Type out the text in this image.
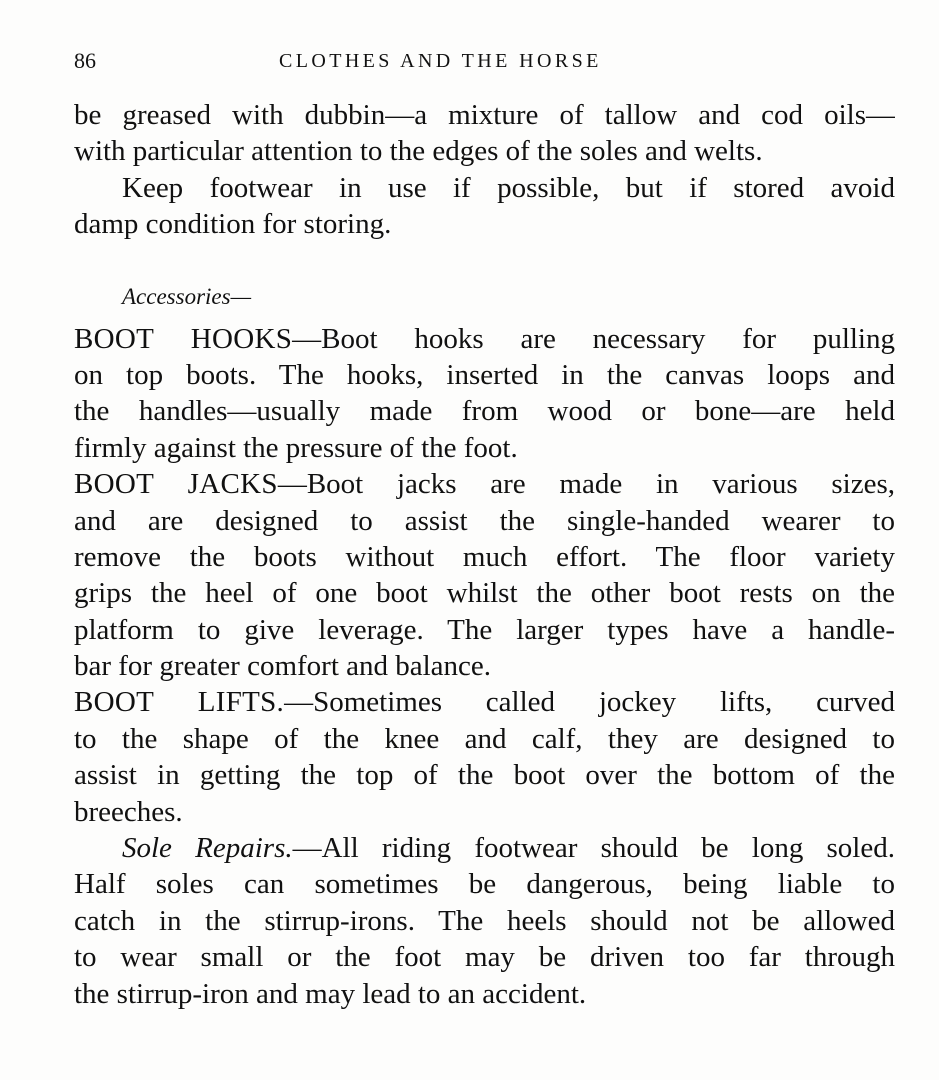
86	CLOTHES AND THE HORSE
be greased with dubbin—a mixture of tallow and cod oils—
with particular attention to the edges of the soles and welts.
Keep footwear in use if possible, but if stored avoid
damp condition for storing.
Accessories—
BOOT HOOKS—Boot hooks are necessary for pulling
on top boots. The hooks, inserted in the canvas loops and
the handles—usually made from wood or bone—are held
firmly against the pressure of the foot.
BOOT JACKS—Boot jacks are made in various sizes,
and are designed to assist the single-handed wearer to
remove the boots without much effort. The floor variety
grips the heel of one boot whilst the other boot rests on the
platform to give leverage. The larger types have a handle-
bar for greater comfort and balance.
BOOT LIFTS.—Sometimes called jockey lifts, curved
to the shape of the knee and calf, they are designed to
assist in getting the top of the boot over the bottom of the
breeches.
Sole Repairs.—All riding footwear should be long soled.
Half soles can sometimes be dangerous, being liable to
catch in the stirrup-irons. The heels should not be allowed
to wear small or the foot may be driven too far through
the stirrup-iron and may lead to an accident.
